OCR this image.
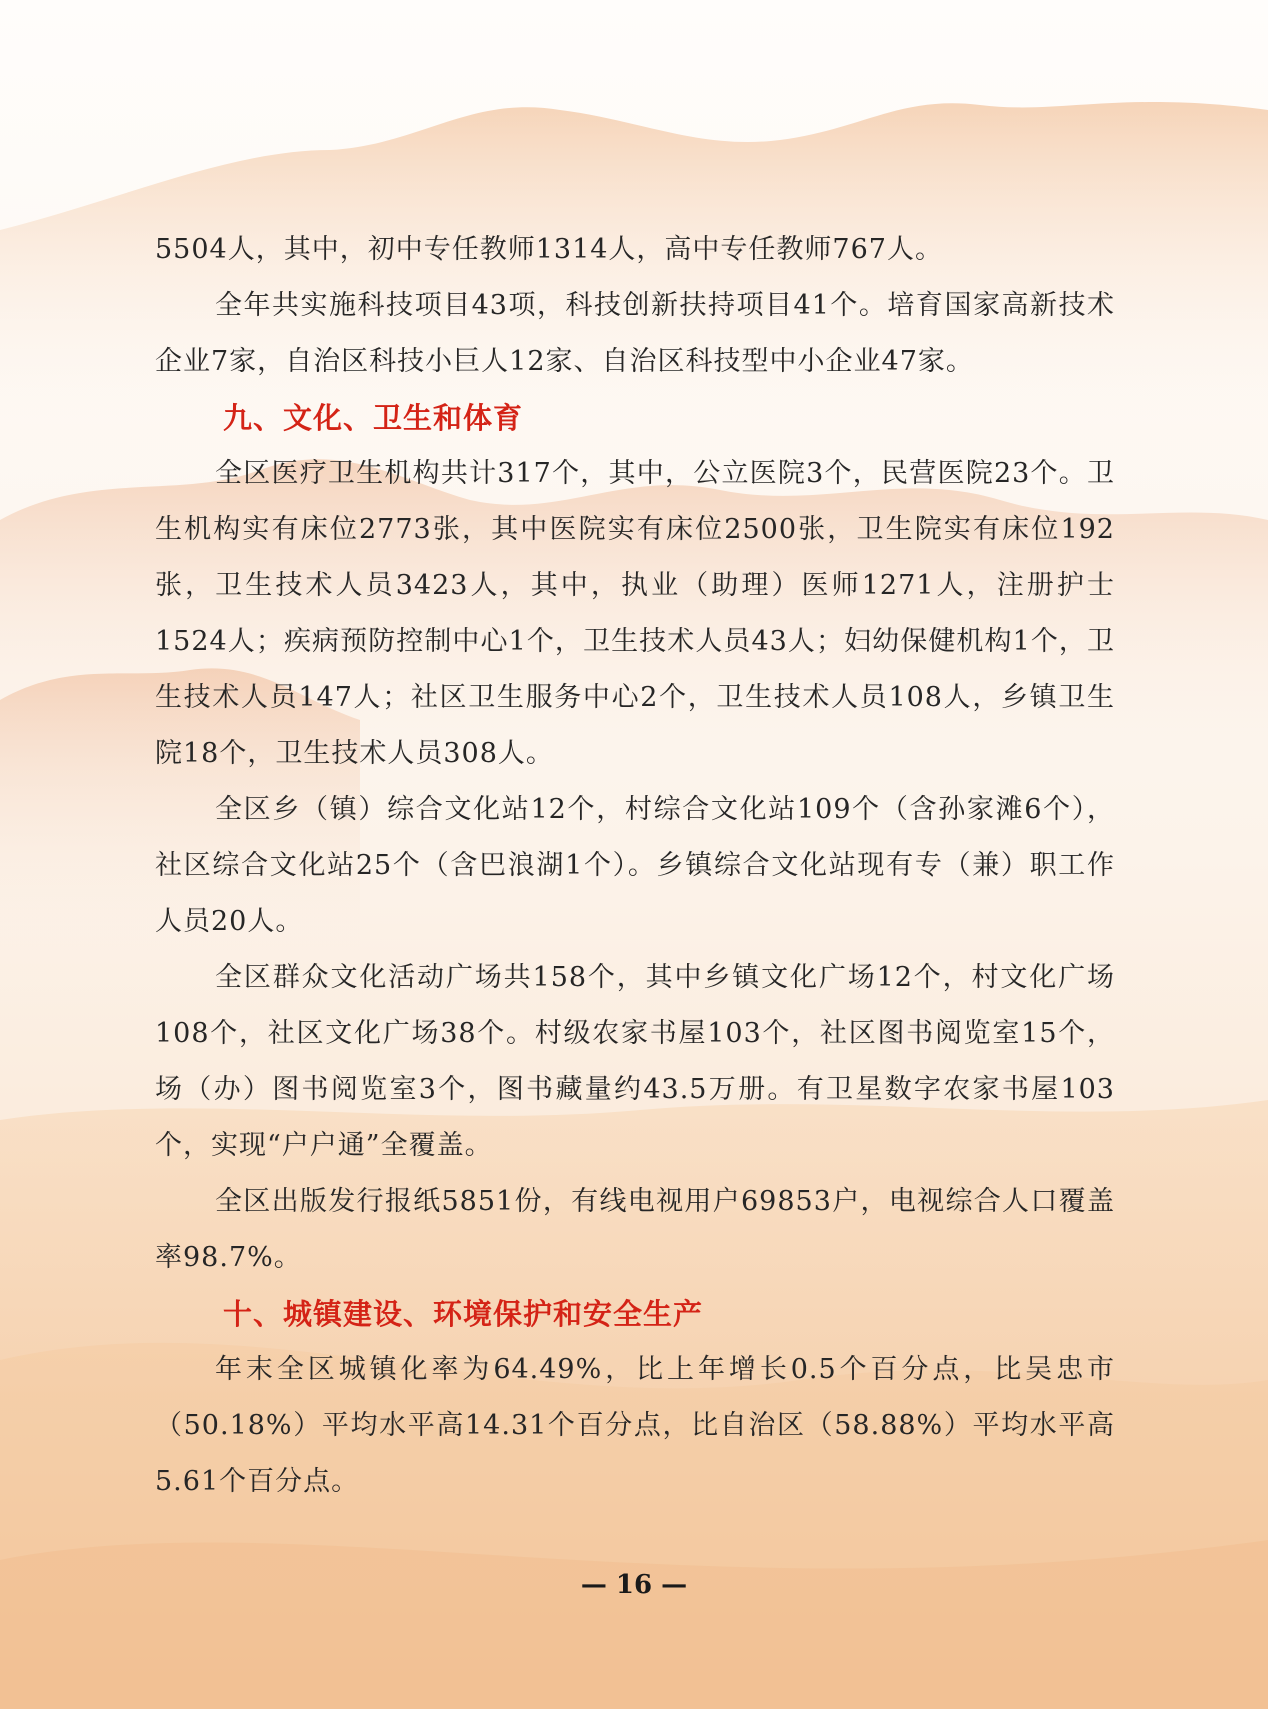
5504人，其中，初中专任教师1314人，高中专任教师767人。

全年共实施科技项目43项，科技创新扶持项目41个。培育国家高新技术企业7家，自治区科技小巨人12家、自治区科技型中小企业47家。

九、文化、卫生和体育

全区医疗卫生机构共计317个，其中，公立医院3个，民营医院23个。卫生机构实有床位2773张，其中医院实有床位2500张，卫生院实有床位192张，卫生技术人员3423人，其中，执业（助理）医师1271人，注册护士1524人；疾病预防控制中心1个，卫生技术人员43人；妇幼保健机构1个，卫生技术人员147人；社区卫生服务中心2个，卫生技术人员108人，乡镇卫生院18个，卫生技术人员308人。

全区乡（镇）综合文化站12个，村综合文化站109个（含孙家滩6个），社区综合文化站25个（含巴浪湖1个）。乡镇综合文化站现有专（兼）职工作人员20人。

全区群众文化活动广场共158个，其中乡镇文化广场12个，村文化广场108个，社区文化广场38个。村级农家书屋103个，社区图书阅览室15个，场（办）图书阅览室3个，图书藏量约43.5万册。有卫星数字农家书屋103个，实现“户户通”全覆盖。

全区出版发行报纸5851份，有线电视用户69853户，电视综合人口覆盖率98.7%。

十、城镇建设、环境保护和安全生产

年末全区城镇化率为64.49%，比上年增长0.5个百分点，比吴忠市（50.18%）平均水平高14.31个百分点，比自治区（58.88%）平均水平高5.61个百分点。

— 16 —
